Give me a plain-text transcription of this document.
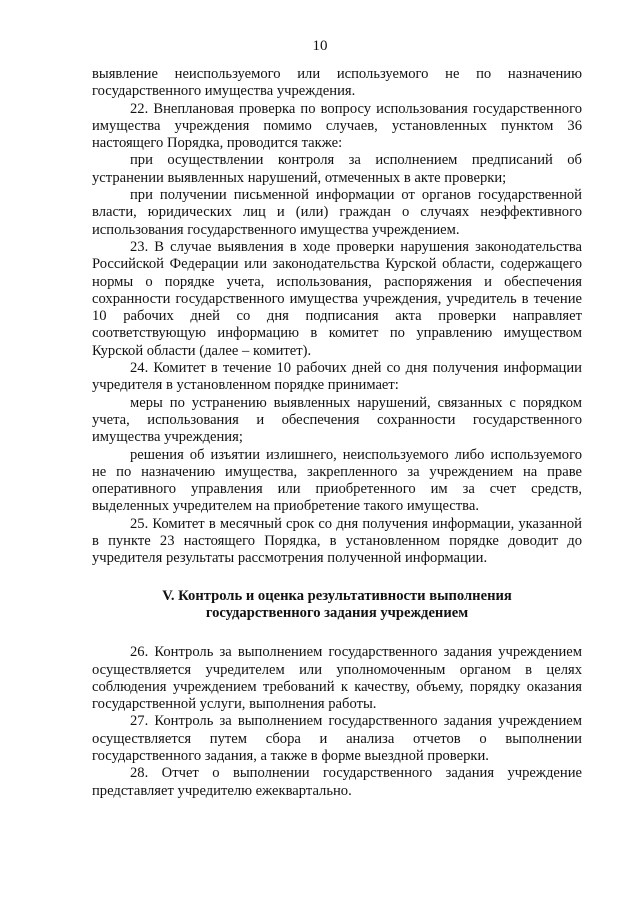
10

выявление неиспользуемого или используемого не по назначению государственного имущества учреждения.

22. Внеплановая проверка по вопросу использования государственного имущества учреждения помимо случаев, установленных пунктом 36 настоящего Порядка, проводится также:

при осуществлении контроля за исполнением предписаний об устранении выявленных нарушений, отмеченных в акте проверки;

при получении письменной информации от органов государственной власти, юридических лиц и (или) граждан о случаях неэффективного использования государственного имущества учреждением.

23. В случае выявления в ходе проверки нарушения законодательства Российской Федерации или законодательства Курской области, содержащего нормы о порядке учета, использования, распоряжения и обеспечения сохранности государственного имущества учреждения, учредитель в течение 10 рабочих дней со дня подписания акта проверки направляет соответствующую информацию в комитет по управлению имуществом Курской области (далее – комитет).

24. Комитет в течение 10 рабочих дней со дня получения информации учредителя в установленном порядке принимает:

меры по устранению выявленных нарушений, связанных с порядком учета, использования и обеспечения сохранности государственного имущества учреждения;

решения об изъятии излишнего, неиспользуемого либо используемого не по назначению имущества, закрепленного за учреждением на праве оперативного управления или приобретенного им за счет средств, выделенных учредителем на приобретение такого имущества.

25. Комитет в месячный срок со дня получения информации, указанной в пункте 23 настоящего Порядка, в установленном порядке доводит до учредителя результаты рассмотрения полученной информации.

V. Контроль и оценка результативности выполнения
государственного задания учреждением

26. Контроль за выполнением государственного задания учреждением осуществляется учредителем или уполномоченным органом в целях соблюдения учреждением требований к качеству, объему, порядку оказания государственной услуги, выполнения работы.

27. Контроль за выполнением государственного задания учреждением осуществляется путем сбора и анализа отчетов о выполнении государственного задания, а также в форме выездной проверки.

28. Отчет о выполнении государственного задания учреждение представляет учредителю ежеквартально.
